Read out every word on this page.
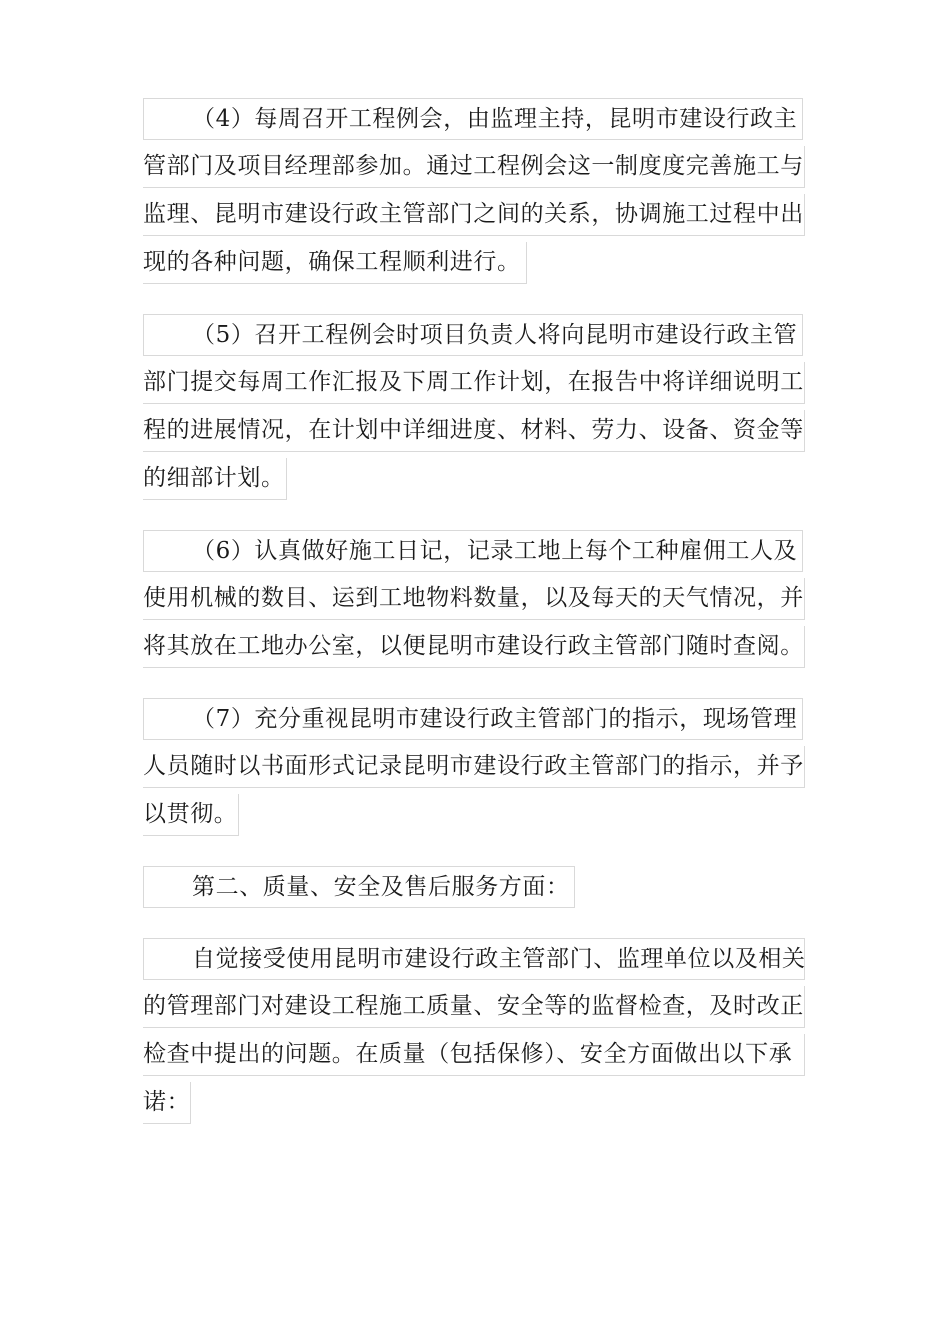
（4）每周召开工程例会，由监理主持，昆明市建设行政主
管部门及项目经理部参加。通过工程例会这一制度度完善施工与
监理、昆明市建设行政主管部门之间的关系，协调施工过程中出
现的各种问题，确保工程顺利进行。
（5）召开工程例会时项目负责人将向昆明市建设行政主管
部门提交每周工作汇报及下周工作计划，在报告中将详细说明工
程的进展情况，在计划中详细进度、材料、劳力、设备、资金等
的细部计划。
（6）认真做好施工日记，记录工地上每个工种雇佣工人及
使用机械的数目、运到工地物料数量，以及每天的天气情况，并
将其放在工地办公室，以便昆明市建设行政主管部门随时查阅。
（7）充分重视昆明市建设行政主管部门的指示，现场管理
人员随时以书面形式记录昆明市建设行政主管部门的指示，并予
以贯彻。
第二、质量、安全及售后服务方面：
自觉接受使用昆明市建设行政主管部门、监理单位以及相关
的管理部门对建设工程施工质量、安全等的监督检查，及时改正
检查中提出的问题。在质量（包括保修）、安全方面做出以下承
诺：
